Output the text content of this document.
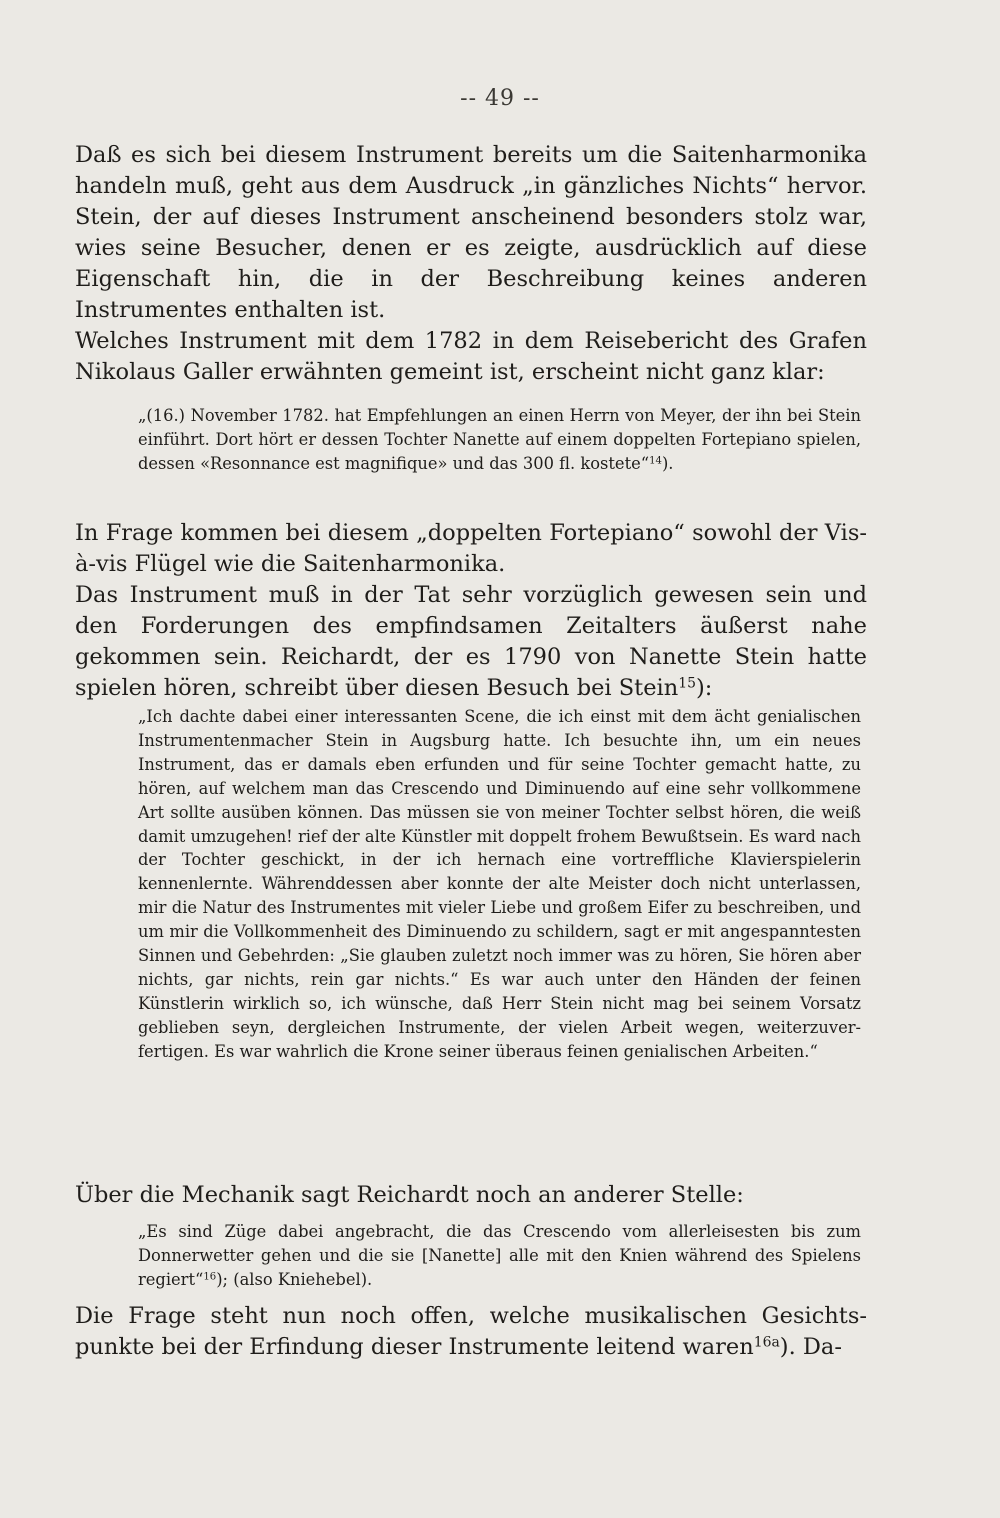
-- 49 --

Daß es sich bei diesem Instrument bereits um die Saitenharmonika handeln muß, geht aus dem Ausdruck „in gänzliches Nichts“ hervor. Stein, der auf dieses Instrument anscheinend besonders stolz war, wies seine Besucher, denen er es zeigte, ausdrücklich auf diese Eigenschaft hin, die in der Beschreibung keines anderen Instrumentes enthalten ist.

Welches Instrument mit dem 1782 in dem Reisebericht des Grafen Nikolaus Galler erwähnten gemeint ist, erscheint nicht ganz klar:

„(16.) November 1782. hat Empfehlungen an einen Herrn von Meyer, der ihn bei Stein einführt. Dort hört er dessen Tochter Nanette auf einem doppelten Fortepiano spielen, dessen «Resonnance est magnifique» und das 300 fl. kostete“$^{14}$).

In Frage kommen bei diesem „doppelten Fortepiano“ sowohl der Vis-à-vis Flügel wie die Saitenharmonika.

Das Instrument muß in der Tat sehr vorzüglich gewesen sein und den Forderungen des empfindsamen Zeitalters äußerst nahe gekommen sein. Reichardt, der es 1790 von Nanette Stein hatte spielen hören, schreibt über diesen Besuch bei Stein$^{15}$):

„Ich dachte dabei einer interessanten Scene, die ich einst mit dem ächt genialischen Instrumentenmacher Stein in Augsburg hatte. Ich besuchte ihn, um ein neues Instrument, das er damals eben erfunden und für seine Tochter gemacht hatte, zu hören, auf welchem man das Crescendo und Diminuendo auf eine sehr vollkommene Art sollte ausüben können. Das müssen sie von meiner Tochter selbst hören, die weiß damit umzugehen! rief der alte Künstler mit doppelt frohem Bewußtsein. Es ward nach der Tochter geschickt, in der ich hernach eine vortreffliche Klavierspielerin kennenlernte. Währenddessen aber konnte der alte Meister doch nicht unterlassen, mir die Natur des Instrumentes mit vieler Liebe und großem Eifer zu beschreiben, und um mir die Vollkommenheit des Diminuendo zu schildern, sagt er mit angespanntesten Sinnen und Gebehrden: „Sie glauben zuletzt noch immer was zu hören, Sie hören aber nichts, gar nichts, rein gar nichts.“ Es war auch unter den Händen der feinen Künstlerin wirklich so, ich wünsche, daß Herr Stein nicht mag bei seinem Vorsatz geblieben seyn, dergleichen Instrumente, der vielen Arbeit wegen, weiterzuverfertigen. Es war wahrlich die Krone seiner überaus feinen genialischen Arbeiten.“

Über die Mechanik sagt Reichardt noch an anderer Stelle:

„Es sind Züge dabei angebracht, die das Crescendo vom allerleisesten bis zum Donnerwetter gehen und die sie [Nanette] alle mit den Knien während des Spielens regiert“$^{16}$); (also Kniehebel).

Die Frage steht nun noch offen, welche musikalischen Gesichtspunkte bei der Erfindung dieser Instrumente leitend waren$^{16a}$). Da-
